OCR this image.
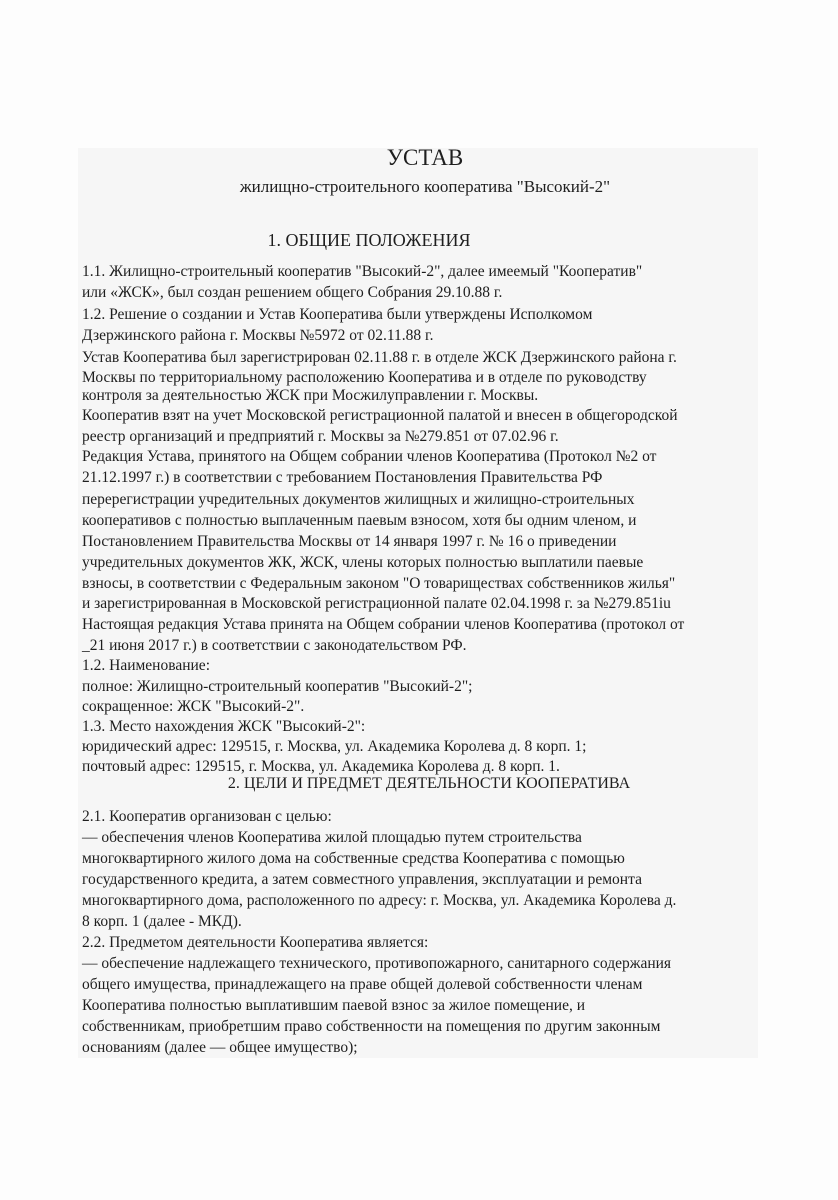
УСТАВ
жилищно-строительного кооператива "Высокий-2"
1. ОБЩИЕ ПОЛОЖЕНИЯ
1.1. Жилищно-строительный кооператив "Высокий-2", далее имеемый "Кооператив"
или «ЖСК», был создан решением общего Собрания 29.10.88 г.
1.2. Решение о создании и Устав Кооператива были утверждены Исполкомом
Дзержинского района г. Москвы №5972 от 02.11.88 г.
Устав Кооператива был зарегистрирован 02.11.88 г. в отделе ЖСК Дзержинского района г.
Москвы по территориальному расположению Кооператива и в отделе по руководству
контроля за деятельностью ЖСК при Мосжилуправлении г. Москвы.
Кооператив взят на учет Московской регистрационной палатой и внесен в общегородской
реестр организаций и предприятий г. Москвы за №279.851 от 07.02.96 г.
Редакция Устава, принятого на Общем собрании членов Кооператива (Протокол №2 от
21.12.1997 г.) в соответствии с требованием Постановления Правительства РФ
перерегистрации учредительных документов жилищных и жилищно-строительных
кооперативов с полностью выплаченным паевым взносом, хотя бы одним членом, и
Постановлением Правительства Москвы от 14 января 1997 г. № 16 о приведении
учредительных документов ЖК, ЖСК, члены которых полностью выплатили паевые
взносы, в соответствии с Федеральным законом "О товариществах собственников жилья"
и зарегистрированная в Московской регистрационной палате 02.04.1998 г. за №279.851iu
Настоящая редакция Устава принята на Общем собрании членов Кооператива (протокол от
_21 июня 2017 г.) в соответствии с законодательством РФ.
1.2. Наименование:
полное: Жилищно-строительный кооператив "Высокий-2";
сокращенное: ЖСК "Высокий-2".
1.3. Место нахождения ЖСК "Высокий-2":
юридический адрес: 129515, г. Москва, ул. Академика Королева д. 8 корп. 1;
почтовый адрес: 129515, г. Москва, ул. Академика Королева д. 8 корп. 1.
2. ЦЕЛИ И ПРЕДМЕТ ДЕЯТЕЛЬНОСТИ КООПЕРАТИВА
2.1. Кооператив организован с целью:
— обеспечения членов Кооператива жилой площадью путем строительства
многоквартирного жилого дома на собственные средства Кооператива с помощью
государственного кредита, а затем совместного управления, эксплуатации и ремонта
многоквартирного дома, расположенного по адресу: г. Москва, ул. Академика Королева д.
8 корп. 1 (далее - МКД).
2.2. Предметом деятельности Кооператива является:
— обеспечение надлежащего технического, противопожарного, санитарного содержания
общего имущества, принадлежащего на праве общей долевой собственности членам
Кооператива полностью выплатившим паевой взнос за жилое помещение, и
собственникам, приобретшим право собственности на помещения по другим законным
основаниям (далее — общее имущество);
